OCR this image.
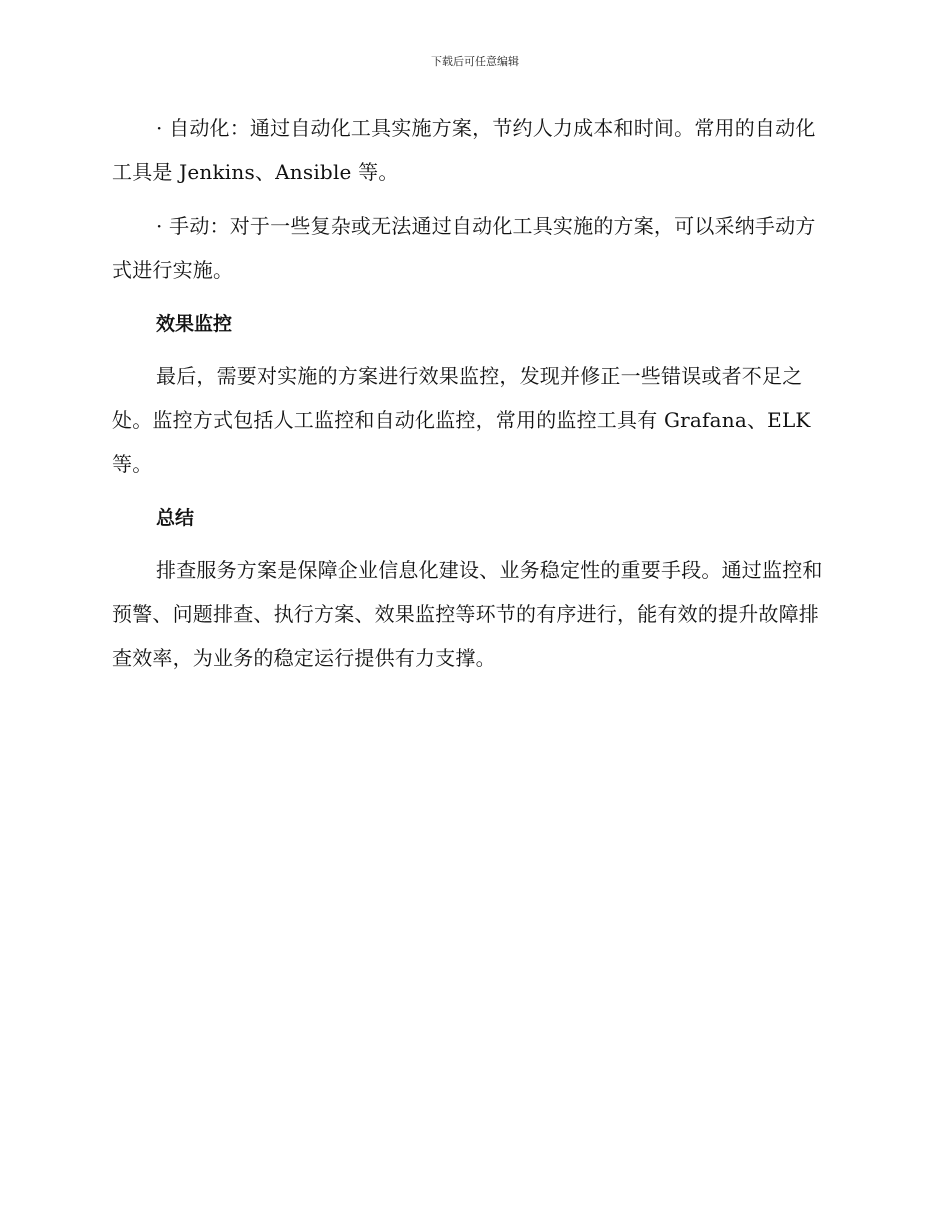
下载后可任意编辑

· 自动化：通过自动化工具实施方案，节约人力成本和时间。常用的自动化工具是 Jenkins、Ansible 等。

· 手动：对于一些复杂或无法通过自动化工具实施的方案，可以采纳手动方式进行实施。

效果监控

最后，需要对实施的方案进行效果监控，发现并修正一些错误或者不足之处。监控方式包括人工监控和自动化监控，常用的监控工具有 Grafana、ELK 等。

总结

排查服务方案是保障企业信息化建设、业务稳定性的重要手段。通过监控和预警、问题排查、执行方案、效果监控等环节的有序进行，能有效的提升故障排查效率，为业务的稳定运行提供有力支撑。
